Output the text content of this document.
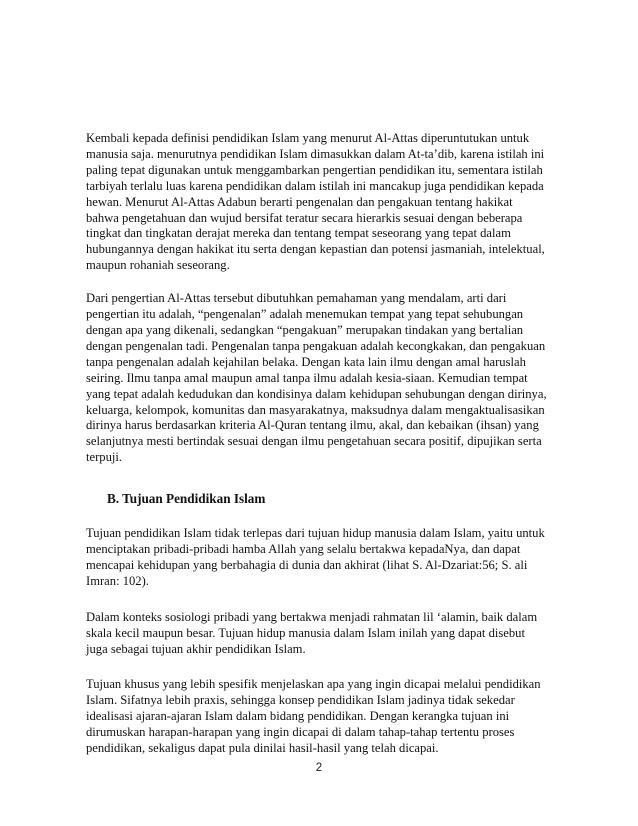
Kembali kepada definisi pendidikan Islam yang menurut Al-Attas diperuntutukan untuk
manusia saja. menurutnya pendidikan Islam dimasukkan dalam At-ta’dib, karena istilah ini
paling tepat digunakan untuk menggambarkan pengertian pendidikan itu, sementara istilah
tarbiyah terlalu luas karena pendidikan dalam istilah ini mancakup juga pendidikan kepada
hewan. Menurut Al-Attas Adabun berarti pengenalan dan pengakuan tentang hakikat
bahwa pengetahuan dan wujud bersifat teratur secara hierarkis sesuai dengan beberapa
tingkat dan tingkatan derajat mereka dan tentang tempat seseorang yang tepat dalam
hubungannya dengan hakikat itu serta dengan kepastian dan potensi jasmaniah, intelektual,
maupun rohaniah seseorang.

Dari pengertian Al-Attas tersebut dibutuhkan pemahaman yang mendalam, arti dari
pengertian itu adalah, “pengenalan” adalah menemukan tempat yang tepat sehubungan
dengan apa yang dikenali, sedangkan “pengakuan” merupakan tindakan yang bertalian
dengan pengenalan tadi. Pengenalan tanpa pengakuan adalah kecongkakan, dan pengakuan
tanpa pengenalan adalah kejahilan belaka. Dengan kata lain ilmu dengan amal haruslah
seiring. Ilmu tanpa amal maupun amal tanpa ilmu adalah kesia-siaan. Kemudian tempat
yang tepat adalah kedudukan dan kondisinya dalam kehidupan sehubungan dengan dirinya,
keluarga, kelompok, komunitas dan masyarakatnya, maksudnya dalam mengaktualisasikan
dirinya harus berdasarkan kriteria Al-Quran tentang ilmu, akal, dan kebaikan (ihsan) yang
selanjutnya mesti bertindak sesuai dengan ilmu pengetahuan secara positif, dipujikan serta
terpuji.

B. Tujuan Pendidikan Islam

Tujuan pendidikan Islam tidak terlepas dari tujuan hidup manusia dalam Islam, yaitu untuk
menciptakan pribadi-pribadi hamba Allah yang selalu bertakwa kepadaNya, dan dapat
mencapai kehidupan yang berbahagia di dunia dan akhirat (lihat S. Al-Dzariat:56; S. ali
Imran: 102).

Dalam konteks sosiologi pribadi yang bertakwa menjadi rahmatan lil ‘alamin, baik dalam
skala kecil maupun besar. Tujuan hidup manusia dalam Islam inilah yang dapat disebut
juga sebagai tujuan akhir pendidikan Islam.

Tujuan khusus yang lebih spesifik menjelaskan apa yang ingin dicapai melalui pendidikan
Islam. Sifatnya lebih praxis, sehingga konsep pendidikan Islam jadinya tidak sekedar
idealisasi ajaran-ajaran Islam dalam bidang pendidikan. Dengan kerangka tujuan ini
dirumuskan harapan-harapan yang ingin dicapai di dalam tahap-tahap tertentu proses
pendidikan, sekaligus dapat pula dinilai hasil-hasil yang telah dicapai.

2
